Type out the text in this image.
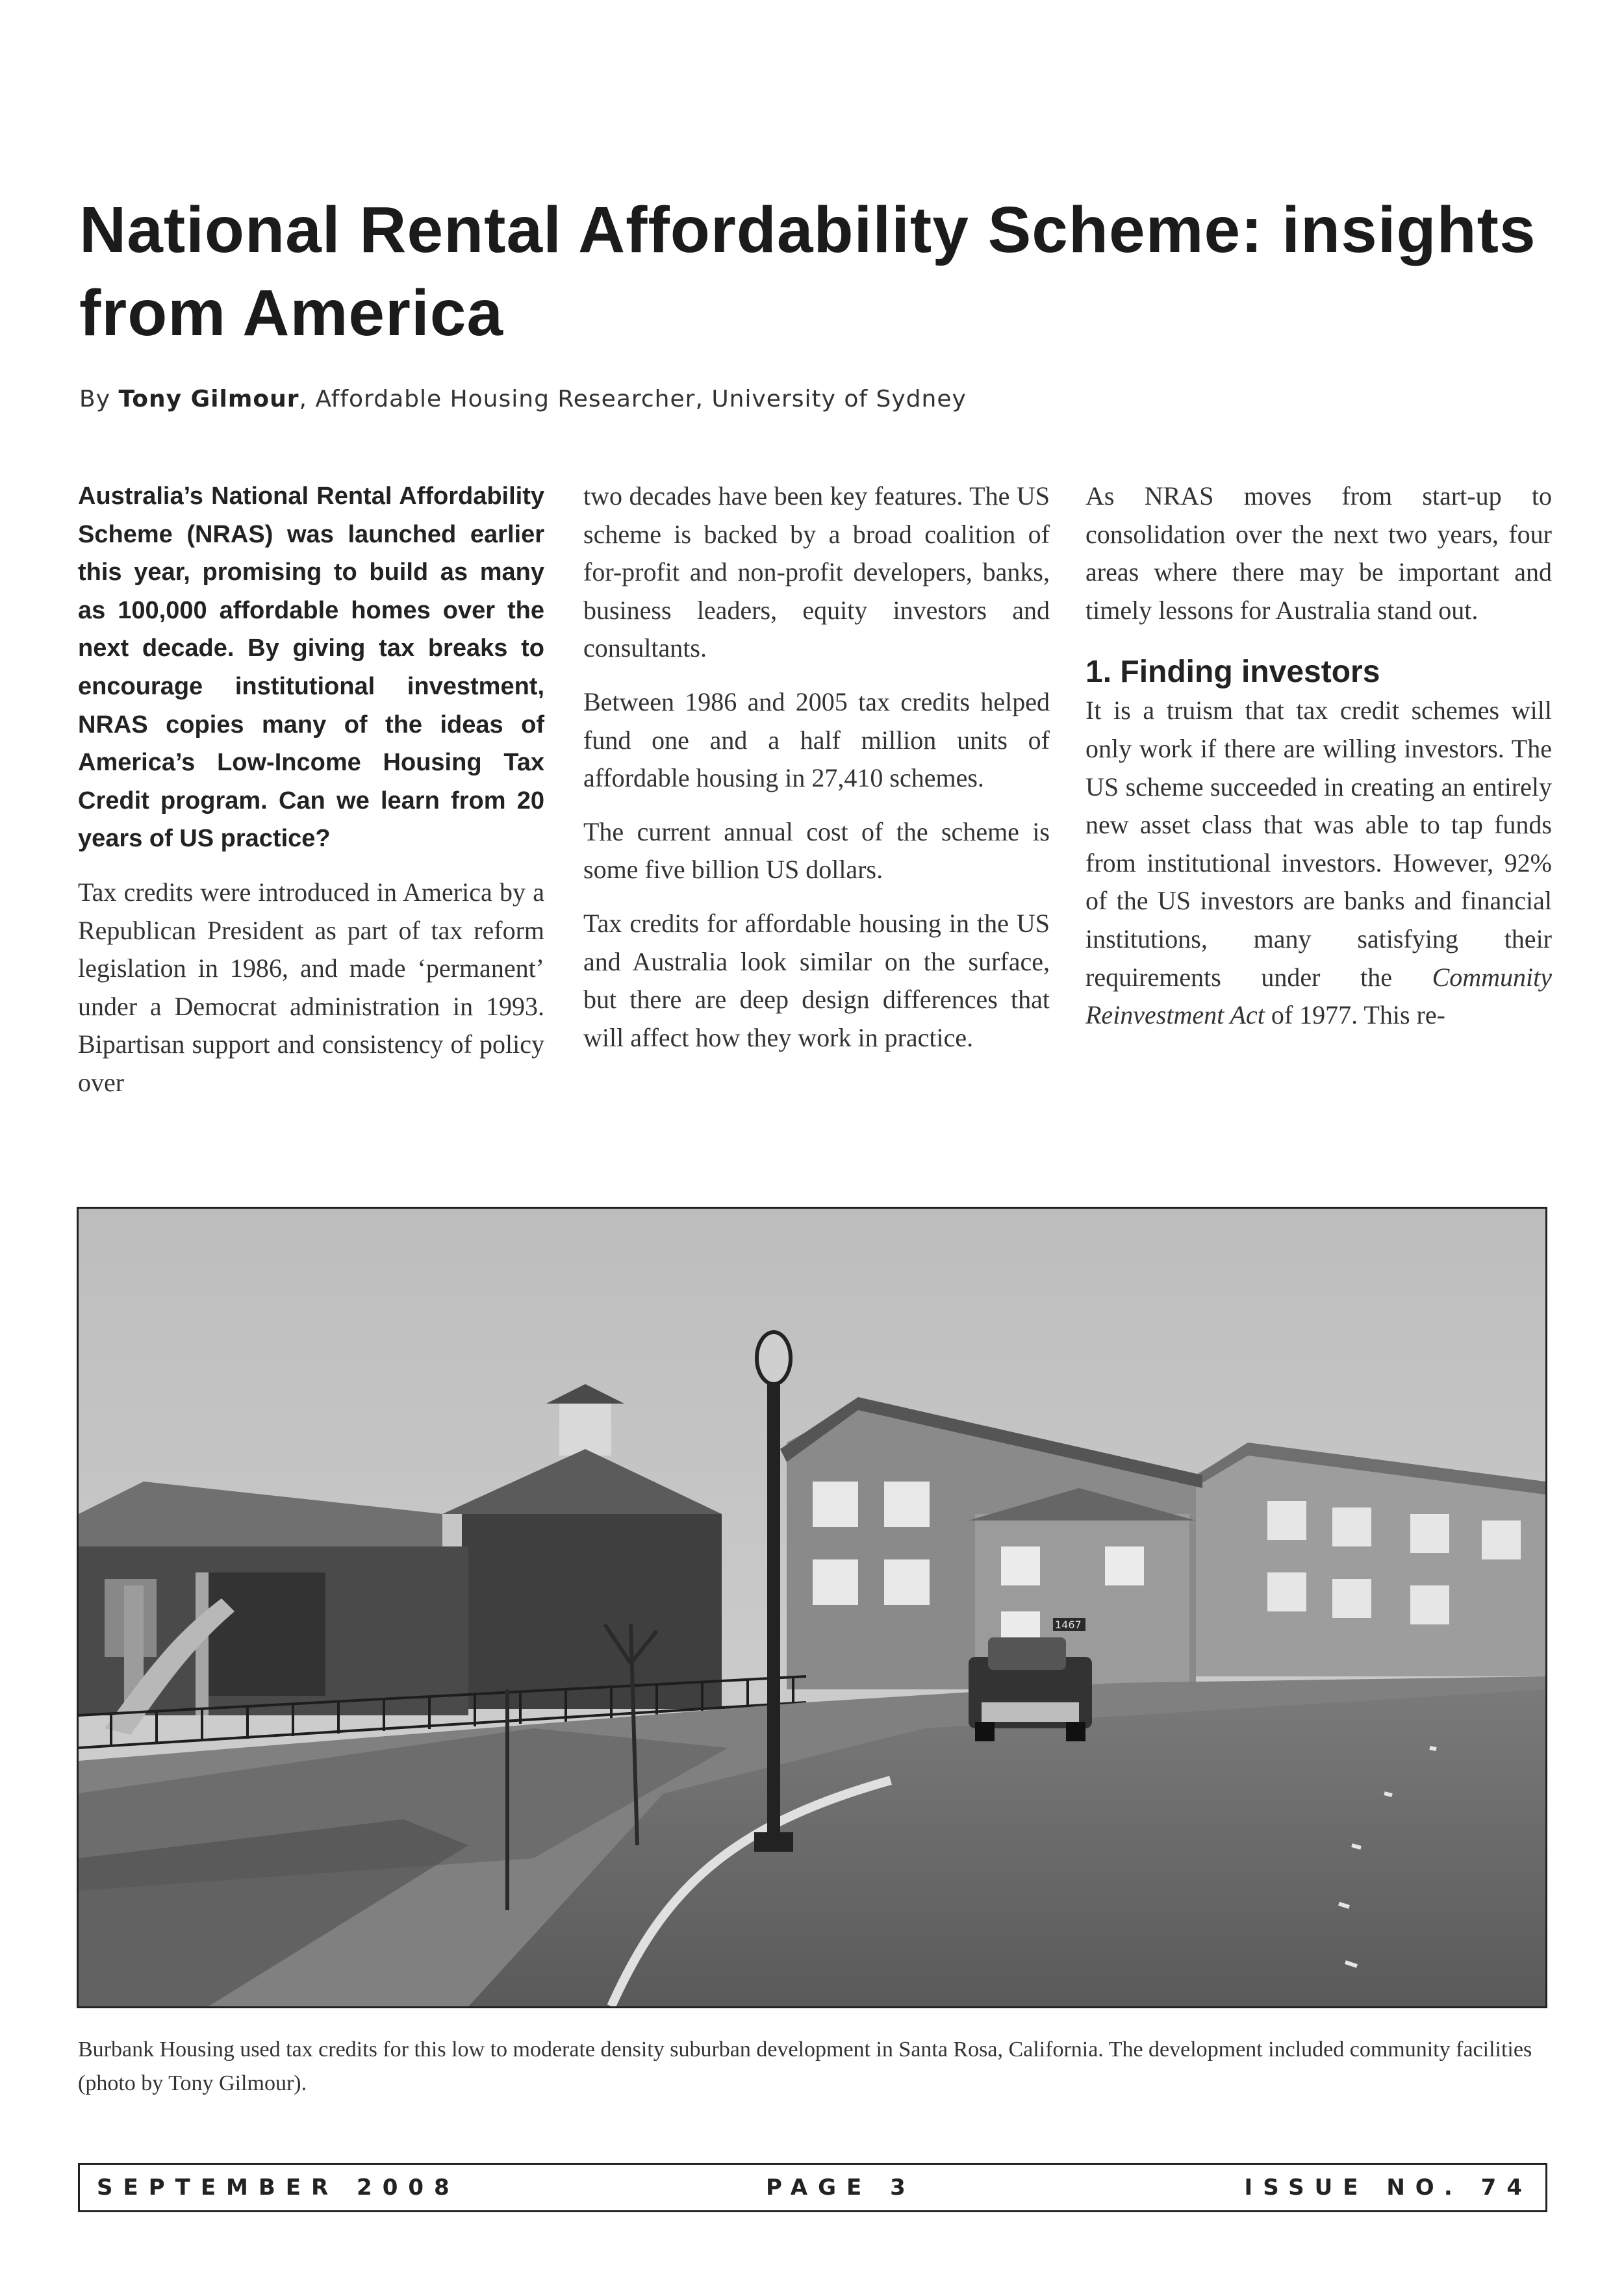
National Rental Affordability Scheme: insights from America
By Tony Gilmour, Affordable Housing Researcher, University of Sydney

Australia’s National Rental Affordability Scheme (NRAS) was launched earlier this year, promising to build as many as 100,000 affordable homes over the next decade. By giving tax breaks to encourage institutional investment, NRAS copies many of the ideas of America’s Low-Income Housing Tax Credit program. Can we learn from 20 years of US practice?

Tax credits were introduced in America by a Republican President as part of tax reform legislation in 1986, and made ‘permanent’ under a Democrat administration in 1993. Bipartisan support and consistency of policy over

two decades have been key features. The US scheme is backed by a broad coalition of for-profit and non-profit developers, banks, business leaders, equity investors and consultants.

Between 1986 and 2005 tax credits helped fund one and a half million units of affordable housing in 27,410 schemes.

The current annual cost of the scheme is some five billion US dollars.

Tax credits for affordable housing in the US and Australia look similar on the surface, but there are deep design differences that will affect how they work in practice.

As NRAS moves from start-up to consolidation over the next two years, four areas where there may be important and timely lessons for Australia stand out.

1. Finding investors

It is a truism that tax credit schemes will only work if there are willing investors. The US scheme succeeded in creating an entirely new asset class that was able to tap funds from institutional investors. However, 92% of the US investors are banks and financial institutions, many satisfying their requirements under the Community Reinvestment Act of 1977. This re-

1467
Burbank Housing used tax credits for this low to moderate density suburban development in Santa Rosa, California. The development included community facilities (photo by Tony Gilmour).
SEPTEMBER 2008	PAGE 3	ISSUE NO. 74
